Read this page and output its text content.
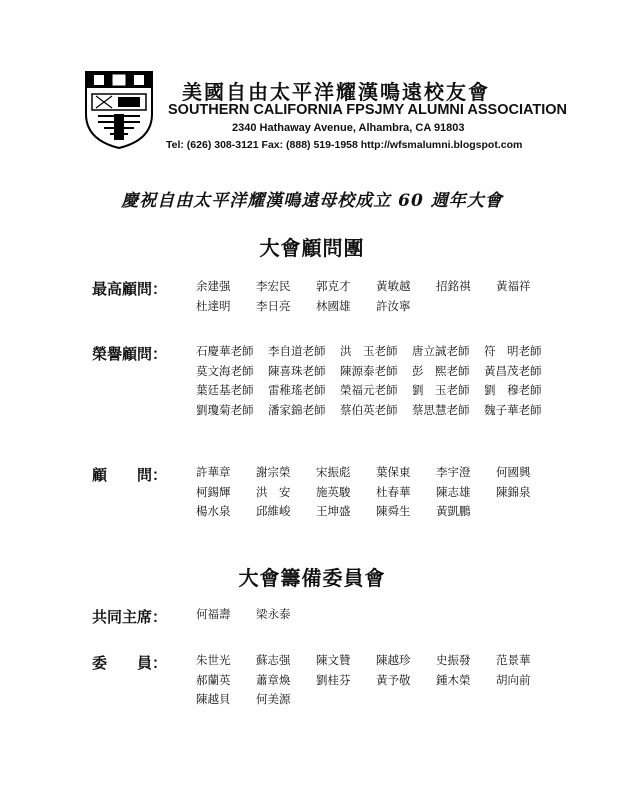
美國自由太平洋耀漢鳴遠校友會
SOUTHERN CALIFORNIA FPSJMY ALUMNI ASSOCIATION
2340 Hathaway Avenue, Alhambra, CA 91803
Tel: (626) 308-3121 Fax: (888) 519-1958 http://wfsmalumni.blogspot.com
慶祝自由太平洋耀漢鳴遠母校成立 60 週年大會
大會顧問團
最高顧問：	余建强	李宏民	郭克才	黃敏越	招銘祺	黃福祥
杜達明	李日亮	林國雄	許汝寧
榮譽顧問：	石慶華老師	李自道老師	洪　玉老師	唐立誠老師	符　明老師
莫文海老師	陳喜珠老師	陳源泰老師	彭　熙老師	黃昌茂老師
葉廷基老師	雷稚瑤老師	榮福元老師	劉　玉老師	劉　穆老師
劉瓊菊老師	潘家錦老師	蔡伯英老師	蔡思慧老師	魏子華老師
顧　　問：	許華章	謝宗榮	宋振彪	葉保東	李宇澄	何國興
柯錫輝	洪　安	施英駿	杜春華	陳志雄	陳錦泉
楊水泉	邱維峻	王坤盛	陳舜生	黃凱鵬
大會籌備委員會
共同主席：	何福壽	梁永泰
委　　員：	朱世光	蘇志强	陳文贊	陳越珍	史振發	范景華
郝蘭英	蕭章煥	劉桂芬	黃予敬	鍾木榮	胡向前
陳越貝	何美源
